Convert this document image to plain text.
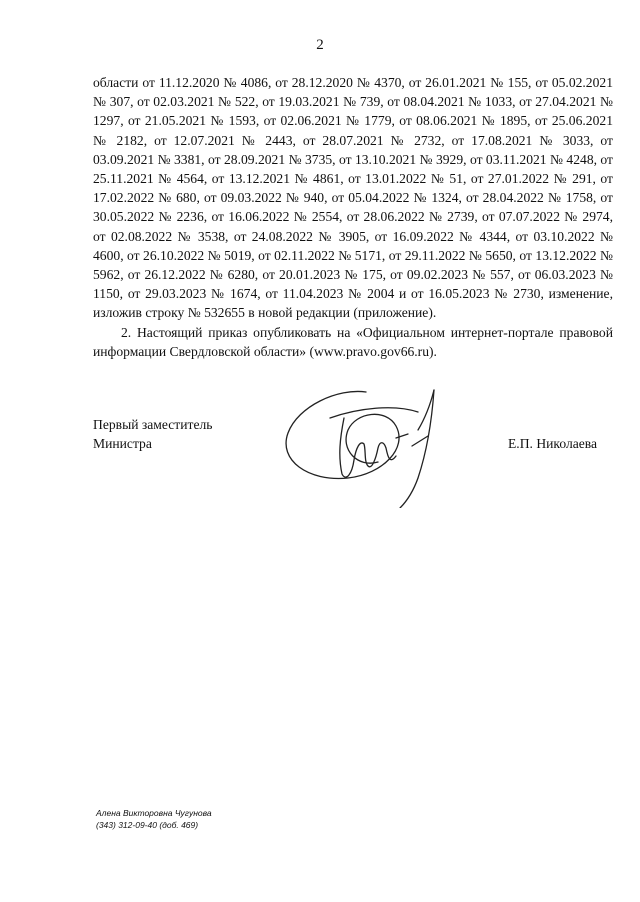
2

области от 11.12.2020 № 4086, от 28.12.2020 № 4370, от 26.01.2021 № 155, от 05.02.2021 № 307, от 02.03.2021 № 522, от 19.03.2021 № 739, от 08.04.2021 № 1033, от 27.04.2021 № 1297, от 21.05.2021 № 1593, от 02.06.2021 № 1779, от 08.06.2021 № 1895, от 25.06.2021 № 2182, от 12.07.2021 № 2443, от 28.07.2021 № 2732, от 17.08.2021 № 3033, от 03.09.2021 № 3381, от 28.09.2021 № 3735, от 13.10.2021 № 3929, от 03.11.2021 № 4248, от 25.11.2021 № 4564, от 13.12.2021 № 4861, от 13.01.2022 № 51, от 27.01.2022 № 291, от 17.02.2022 № 680, от 09.03.2022 № 940, от 05.04.2022 № 1324, от 28.04.2022 № 1758, от 30.05.2022 № 2236, от 16.06.2022 № 2554, от 28.06.2022 № 2739, от 07.07.2022 № 2974, от 02.08.2022 № 3538, от 24.08.2022 № 3905, от 16.09.2022 № 4344, от 03.10.2022 № 4600, от 26.10.2022 № 5019, от 02.11.2022 № 5171, от 29.11.2022 № 5650, от 13.12.2022 № 5962, от 26.12.2022 № 6280, от 20.01.2023 № 175, от 09.02.2023 № 557, от 06.03.2023 № 1150, от 29.03.2023 № 1674, от 11.04.2023 № 2004 и от 16.05.2023 № 2730, изменение, изложив строку № 532655 в новой редакции (приложение).

2. Настоящий приказ опубликовать на «Официальном интернет-портале правовой информации Свердловской области» (www.pravo.gov66.ru).

Первый заместитель
Министра	Е.П. Николаева
Алена Викторовна Чугунова
(343) 312-09-40 (доб. 469)
